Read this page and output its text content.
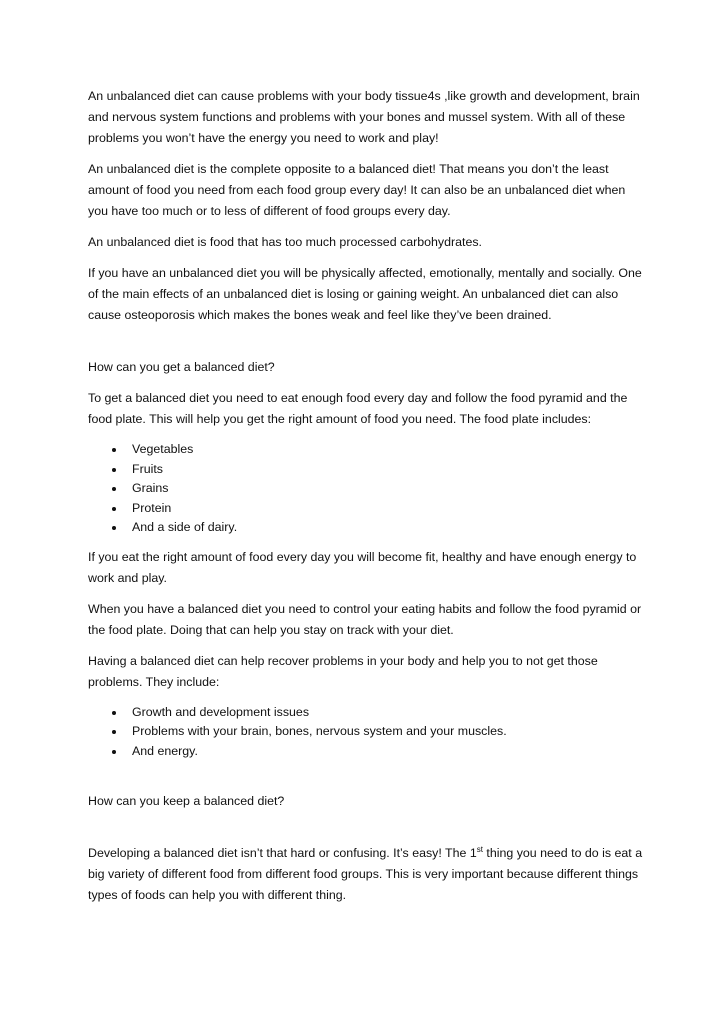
An unbalanced diet can cause problems with your body tissue4s ,like growth and development, brain and nervous system functions and problems with your bones and mussel system. With all of these problems you won’t have the energy you need to work and play!

An unbalanced diet is the complete opposite to a balanced diet! That means you don’t the least amount of food you need from each food group every day! It can also be an unbalanced diet when you have too much or to less of different of food groups every day.

An unbalanced diet is food that has too much processed carbohydrates.

If you have an unbalanced diet you will be physically affected, emotionally, mentally and socially. One of the main effects of an unbalanced diet is losing or gaining weight. An unbalanced diet can also cause osteoporosis which makes the bones weak and feel like they’ve been drained.

How can you get a balanced diet?

To get a balanced diet you need to eat enough food every day and follow the food pyramid and the food plate. This will help you get the right amount of food you need. The food plate includes:

Vegetables
Fruits
Grains
Protein
And a side of dairy.

If you eat the right amount of food every day you will become fit, healthy and have enough energy to work and play.

When you have a balanced diet you need to control your eating habits and follow the food pyramid or the food plate. Doing that can help you stay on track with your diet.

Having a balanced diet can help recover problems in your body and help you to not get those problems. They include:

Growth and development issues
Problems with your brain, bones, nervous system and your muscles.
And energy.

How can you keep a balanced diet?

Developing a balanced diet isn’t that hard or confusing. It’s easy! The 1st thing you need to do is eat a big variety of different food from different food groups. This is very important because different things types of foods can help you with different thing.
